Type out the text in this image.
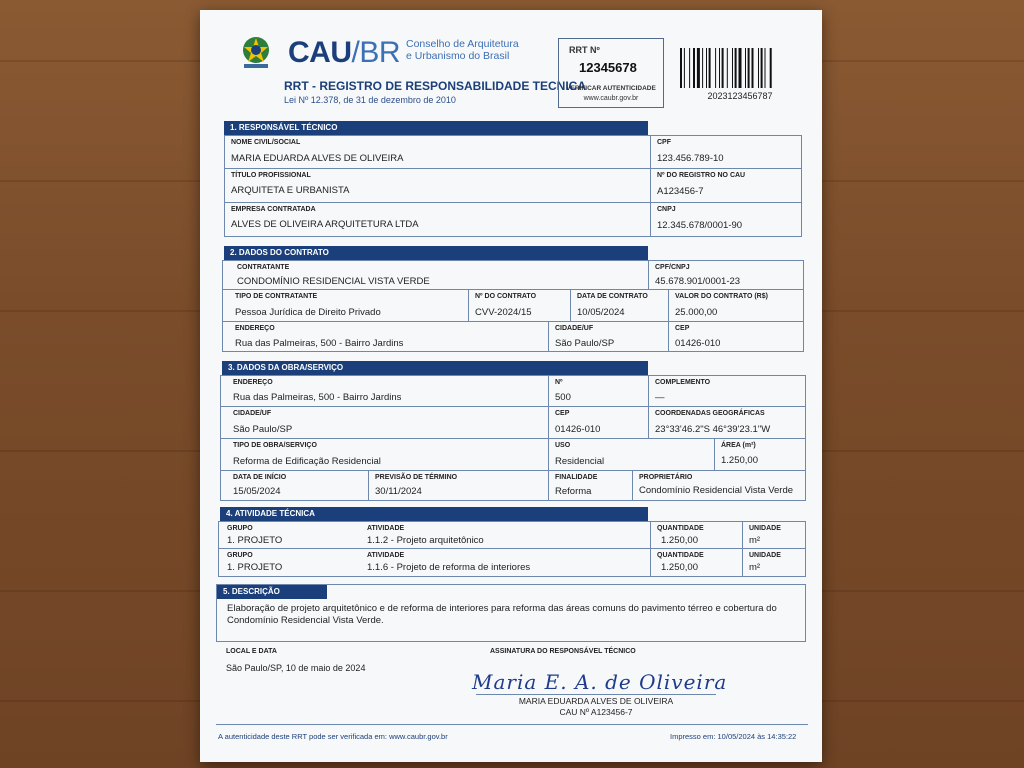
CAU/BR Conselho de Arquitetura
e Urbanismo do Brasil
RRT - REGISTRO DE RESPONSABILIDADE TECNICA
Lei Nº 12.378, de 31 de dezembro de 2010
RRT Nº
12345678
VERIFICAR AUTENTICIDADE
www.caubr.gov.br	2023123456787
1. RESPONSÁVEL TÉCNICO
NOME CIVIL/SOCIAL
MARIA EDUARDA ALVES DE OLIVEIRA
CPF
123.456.789-10
TÍTULO PROFISSIONAL
ARQUITETA E URBANISTA
Nº DO REGISTRO NO CAU
A123456-7
EMPRESA CONTRATADA
ALVES DE OLIVEIRA ARQUITETURA LTDA
CNPJ
12.345.678/0001-90
2. DADOS DO CONTRATO
CONTRATANTE
CONDOMÍNIO RESIDENCIAL VISTA VERDE
CPF/CNPJ
45.678.901/0001-23
TIPO DE CONTRATANTE
Pessoa Jurídica de Direito Privado
Nº DO CONTRATO
CVV-2024/15
DATA DE CONTRATO
10/05/2024
VALOR DO CONTRATO (R$)
25.000,00
ENDEREÇO
Rua das Palmeiras, 500 - Bairro Jardins
CIDADE/UF
São Paulo/SP
CEP
01426-010
3. DADOS DA OBRA/SERVIÇO
ENDEREÇO
Rua das Palmeiras, 500 - Bairro Jardins
Nº
500
COMPLEMENTO
—
CIDADE/UF
São Paulo/SP
CEP
01426-010
COORDENADAS GEOGRÁFICAS
23°33'46.2"S 46°39'23.1"W
TIPO DE OBRA/SERVIÇO
Reforma de Edificação Residencial
USO
Residencial
ÁREA (m²)
1.250,00
DATA DE INÍCIO
15/05/2024
PREVISÃO DE TÉRMINO
30/11/2024
FINALIDADE
Reforma
PROPRIETÁRIO
Condomínio Residencial Vista Verde
4. ATIVIDADE TÉCNICA
GRUPO
1. PROJETO
ATIVIDADE
1.1.2 - Projeto arquitetônico
QUANTIDADE
1.250,00
UNIDADE
m²
GRUPO
1. PROJETO
ATIVIDADE
1.1.6 - Projeto de reforma de interiores
QUANTIDADE
1.250,00
UNIDADE
m²
5. DESCRIÇÃO
Elaboração de projeto arquitetônico e de reforma de interiores para reforma das áreas comuns do pavimento térreo e cobertura do Condomínio Residencial Vista Verde.
LOCAL E DATA
São Paulo/SP, 10 de maio de 2024
ASSINATURA DO RESPONSÁVEL TÉCNICO
Maria E. A. de Oliveira
MARIA EDUARDA ALVES DE OLIVEIRA
CAU Nº A123456-7
A autenticidade deste RRT pode ser verificada em: www.caubr.gov.br	Impresso em: 10/05/2024 às 14:35:22
